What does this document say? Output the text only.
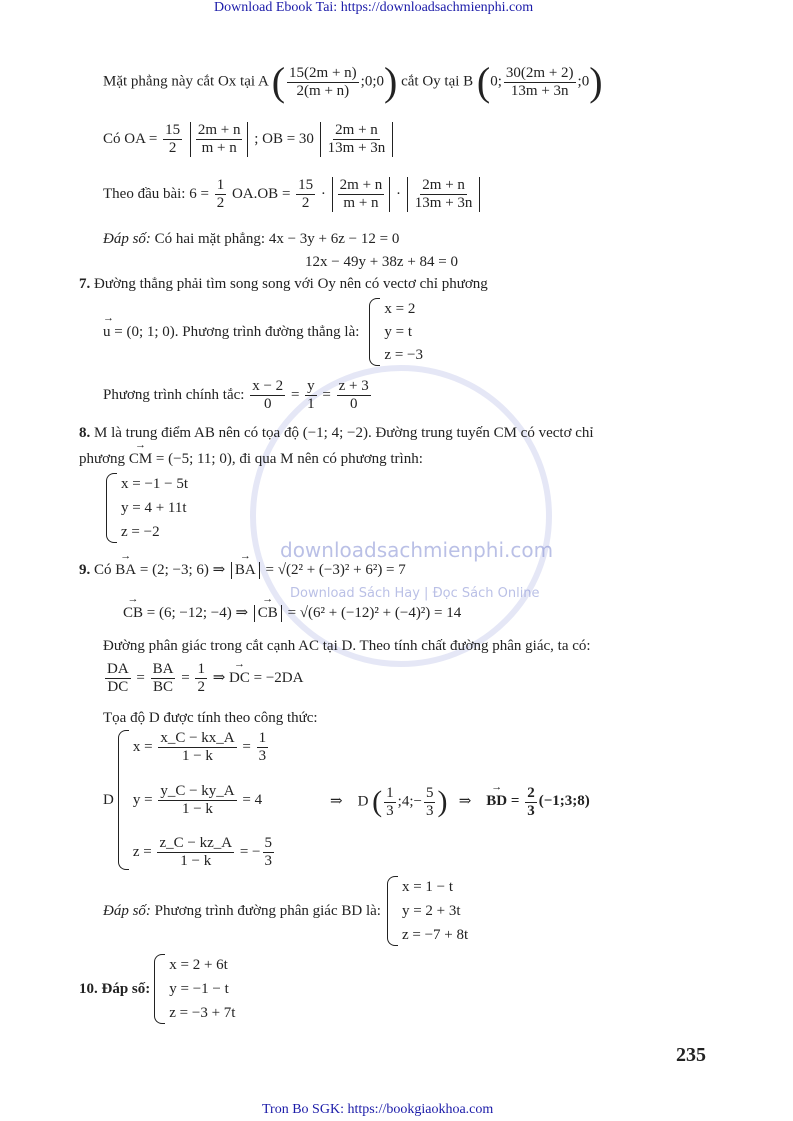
downloadsachmienphi.com
Download Sách Hay | Đọc Sách Online
Download Ebook Tai: https://downloadsachmienphi.com
Mặt phẳng này cắt Ox tại A ( $\frac{15(2m + n)}{2(m + n)}$ ;0;0) cắt Oy tại B (0; $\frac{30(2m + 2)}{13m + 3n}$ ;0)
Có OA = $\frac{15}{2}$
$\frac{2m + n}{m + n}$ ; OB = $30 \frac{2m + n}{13m + 3n}$
Theo đầu bài: $6 = \frac{1}{2} OA.OB = \frac{15}{2} \cdot \frac{2m + n}{m + n} \cdot \frac{2m + n}{13m + 3n}$
Đáp số: Có hai mặt phẳng: 4x − 3y + 6z − 12 = 0
12x − 49y + 38z + 84 = 0
7. Đường thẳng phải tìm song song với Oy nên có vectơ chỉ phương
→ u = (0; 1; 0). Phương trình đường thẳng là:
x = 2
y = t
z = −3
Phương trình chính tắc: $\frac{x - 2}{0} = \frac{y}{1} = \frac{z + 3}{0}$
8. M là trung điểm AB nên có tọa độ (−1; 4; −2). Đường trung tuyến CM có vectơ chỉ
phương → CM = (−5; 11; 0), đi qua M nên có phương trình:
x = −1 − 5t
y = 4 + 11t
z = −2
9. Có → BA = (2; −3; 6) ⇒ → BA = √(2² + (−3)² + 6²) = 7
→ CB = (6; −12; −4) ⇒ → CB = √(6² + (−12)² + (−4)²) = 14
Đường phân giác trong cắt cạnh AC tại D. Theo tính chất đường phân giác, ta có:
$\frac{DA}{DC} = \frac{BA}{BC} = \frac{1}{2}$ ⇒ → DC = −2DA
Tọa độ D được tính theo công thức:
D
$x = \frac{x\_C - kx\_A}{1 - k} = \frac{1}{3}$
$y = \frac{y\_C - ky\_A}{1 - k} = 4$
$z = \frac{z\_C - kz\_A}{1 - k}$ = − $\frac{5}{3}$
⇒ D ( $\frac{1}{3}$ ;4;− $\frac{5}{3}$ ) ⇒ → BD = $\frac{2}{3}$ (−1;3;8)
Đáp số: Phương trình đường phân giác BD là:
x = 1 − t
y = 2 + 3t
z = −7 + 8t
10. Đáp số:
x = 2 + 6t
y = −1 − t
z = −3 + 7t
235
Tron Bo SGK: https://bookgiaokhoa.com
